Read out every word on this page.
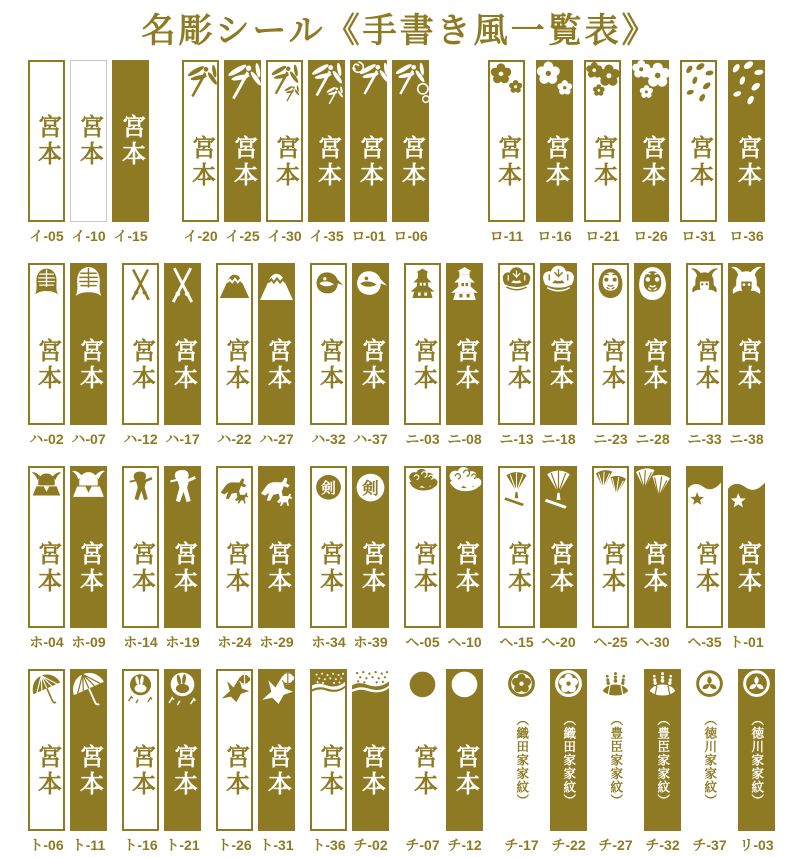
名彫シール《手書き風一覧表》
宮本
イ-05
宮本
イ-10
宮本
イ-15
宮本
イ-20
宮本
イ-25
宮本
イ-30
宮本
イ-35
宮本
ロ-01
宮本
ロ-06
宮本
ロ-11
宮本
ロ-16
宮本
ロ-21
宮本
ロ-26
宮本
ロ-31
宮本
ロ-36
宮本
ハ-02
宮本
ハ-07
宮本
ハ-12
宮本
ハ-17
宮本
ハ-22
宮本
ハ-27
宮本
ハ-32
宮本
ハ-37
宮本
ニ-03
宮本
ニ-08
宮本
ニ-13
宮本
ニ-18
宮本
ニ-23
宮本
ニ-28
宮本
ニ-33
宮本
ニ-38
宮本
ホ-04
宮本
ホ-09
宮本
ホ-14
宮本
ホ-19
宮本
ホ-24
宮本
ホ-29
宮本
ホ-34
宮本
ホ-39
宮本
ヘ-05
宮本
ヘ-10
宮本
ヘ-15
宮本
ヘ-20
宮本
ヘ-25
宮本
ヘ-30
宮本
ヘ-35
宮本
ト-01
宮本
ト-06
宮本
ト-11
宮本
ト-16
宮本
ト-21
宮本
ト-26
宮本
ト-31
宮本
ト-36
宮本
チ-02
宮本
チ-07
宮本
チ-12
（織田家家紋）
チ-17
（織田家家紋）
チ-22
（豊臣家家紋）
チ-27
（豊臣家家紋）
チ-32
（徳川家家紋）
チ-37
（徳川家家紋）
リ-03
